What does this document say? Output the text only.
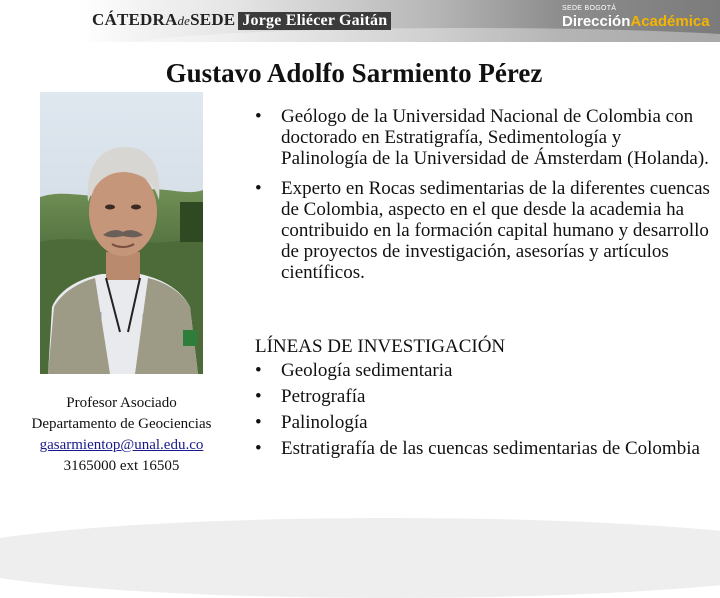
CÁTEDRAdeSEDE Jorge Eliécer Gaitán
SEDE BOGOTÁ
DirecciónAcadémica
Gustavo Adolfo Sarmiento Pérez
Profesor Asociado
Departamento de Geociencias
gasarmientop@unal.edu.co
3165000 ext 16505
• Geólogo de la Universidad Nacional de Colombia con doctorado en Estratigrafía, Sedimentología y Palinología de la Universidad de Ámsterdam (Holanda).
• Experto en Rocas sedimentarias de la diferentes cuencas de Colombia, aspecto en el que desde la academia ha contribuido en la formación capital humano y desarrollo de proyectos de investigación, asesorías y artículos científicos.
LÍNEAS DE INVESTIGACIÓN
• Geología sedimentaria
• Petrografía
• Palinología
• Estratigrafía de las cuencas sedimentarias de Colombia
